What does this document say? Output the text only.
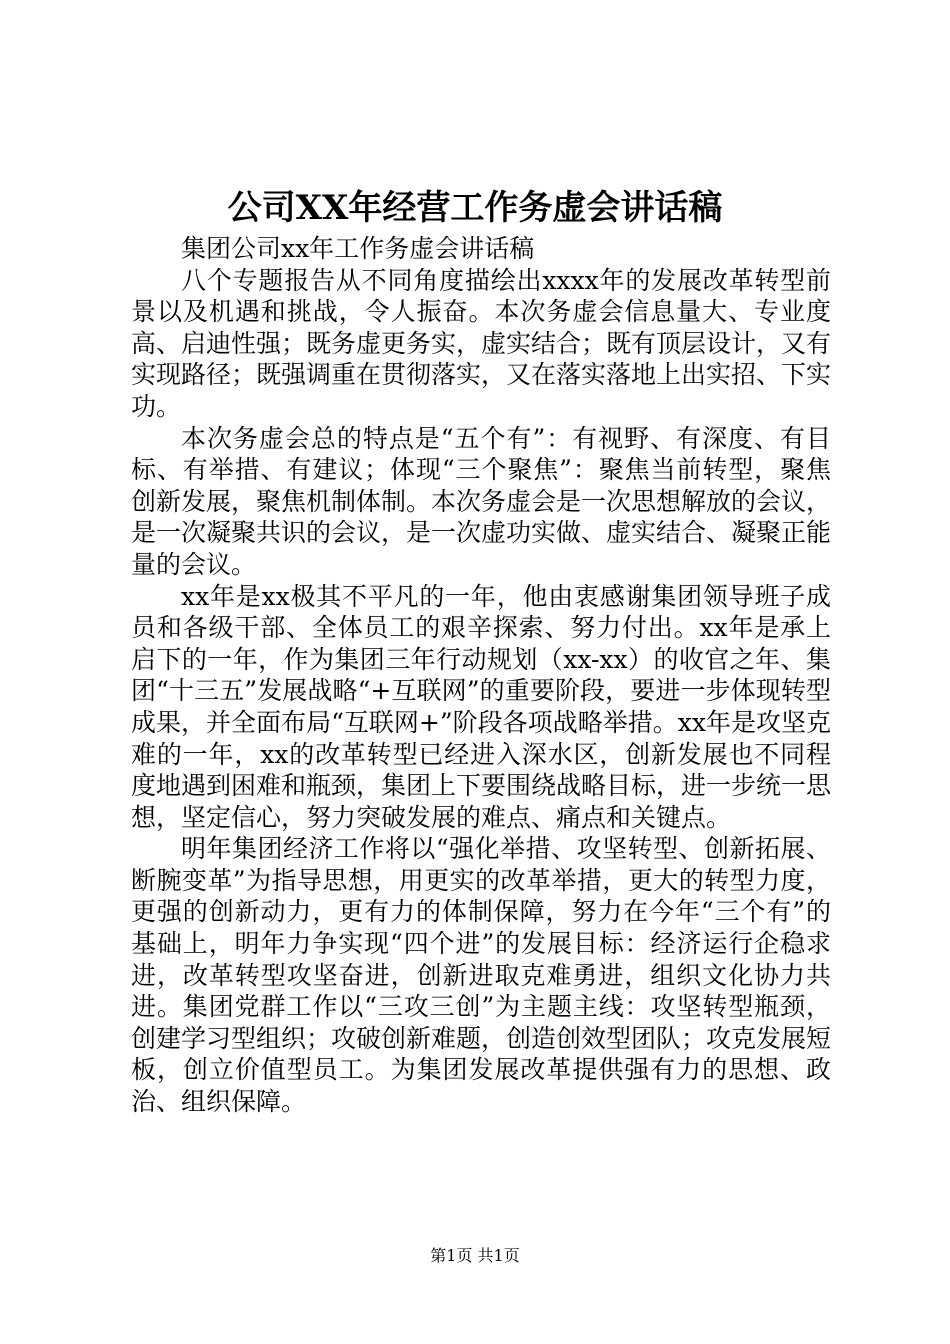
公司XX年经营工作务虚会讲话稿

集团公司xx年工作务虚会讲话稿

八个专题报告从不同角度描绘出xxxx年的发展改革转型前景以及机遇和挑战，令人振奋。本次务虚会信息量大、专业度高、启迪性强；既务虚更务实，虚实结合；既有顶层设计，又有实现路径；既强调重在贯彻落实，又在落实落地上出实招、下实功。

本次务虚会总的特点是“五个有”：有视野、有深度、有目标、有举措、有建议；体现“三个聚焦”：聚焦当前转型，聚焦创新发展，聚焦机制体制。本次务虚会是一次思想解放的会议，是一次凝聚共识的会议，是一次虚功实做、虚实结合、凝聚正能量的会议。

xx年是xx极其不平凡的一年，他由衷感谢集团领导班子成员和各级干部、全体员工的艰辛探索、努力付出。xx年是承上启下的一年，作为集团三年行动规划（xx-xx）的收官之年、集团“十三五”发展战略“+互联网”的重要阶段，要进一步体现转型成果，并全面布局“互联网+”阶段各项战略举措。xx年是攻坚克难的一年，xx的改革转型已经进入深水区，创新发展也不同程度地遇到困难和瓶颈，集团上下要围绕战略目标，进一步统一思想，坚定信心，努力突破发展的难点、痛点和关键点。

明年集团经济工作将以“强化举措、攻坚转型、创新拓展、断腕变革”为指导思想，用更实的改革举措，更大的转型力度，更强的创新动力，更有力的体制保障，努力在今年“三个有”的基础上，明年力争实现“四个进”的发展目标：经济运行企稳求进，改革转型攻坚奋进，创新进取克难勇进，组织文化协力共进。集团党群工作以“三攻三创”为主题主线：攻坚转型瓶颈，创建学习型组织；攻破创新难题，创造创效型团队；攻克发展短板，创立价值型员工。为集团发展改革提供强有力的思想、政治、组织保障。

第1页 共1页
